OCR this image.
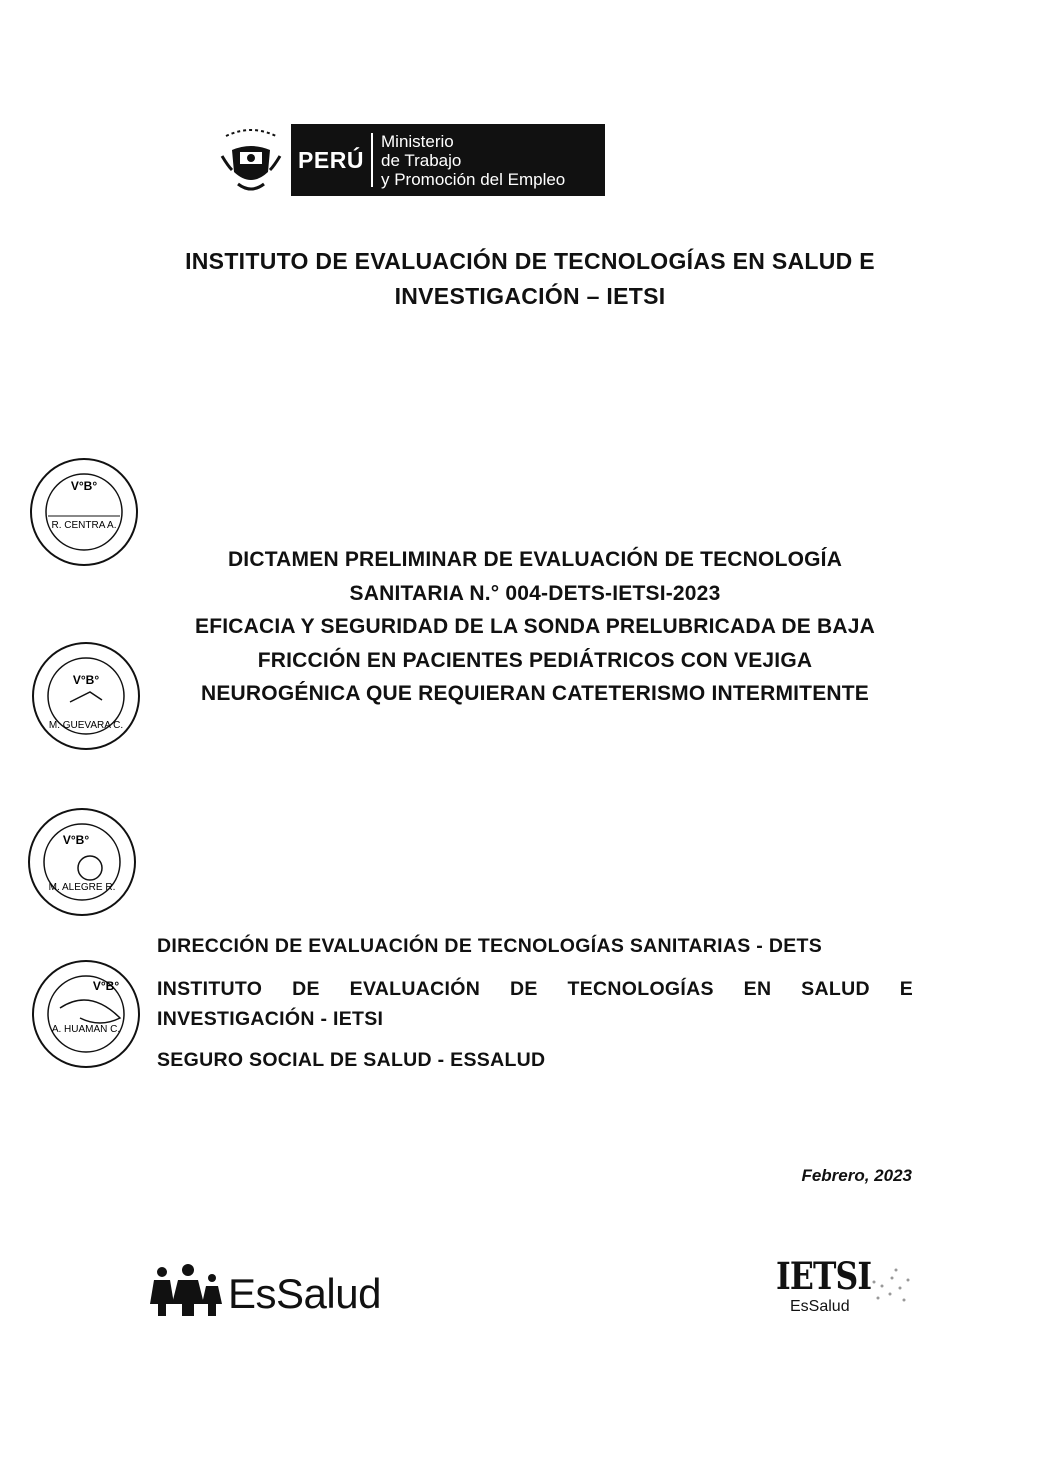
PERÚ
Ministerio
de Trabajo
y Promoción del Empleo
INSTITUTO DE EVALUACIÓN DE TECNOLOGÍAS EN SALUD E
INVESTIGACIÓN – IETSI
V°B°
R. CENTRA A.
V°B°
M. GUEVARA C.
V°B°
M. ALEGRE R.
V°B°
A. HUAMAN C.
DICTAMEN PRELIMINAR DE EVALUACIÓN DE TECNOLOGÍA
SANITARIA N.° 004-DETS-IETSI-2023
EFICACIA Y SEGURIDAD DE LA SONDA PRELUBRICADA DE BAJA
FRICCIÓN EN PACIENTES PEDIÁTRICOS CON VEJIGA
NEUROGÉNICA QUE REQUIERAN CATETERISMO INTERMITENTE
DIRECCIÓN DE EVALUACIÓN DE TECNOLOGÍAS SANITARIAS - DETS
INSTITUTO DE EVALUACIÓN DE TECNOLOGÍAS EN SALUD E
INVESTIGACIÓN - IETSI
SEGURO SOCIAL DE SALUD - ESSALUD
Febrero, 2023
EsSalud	IETSI
EsSalud
